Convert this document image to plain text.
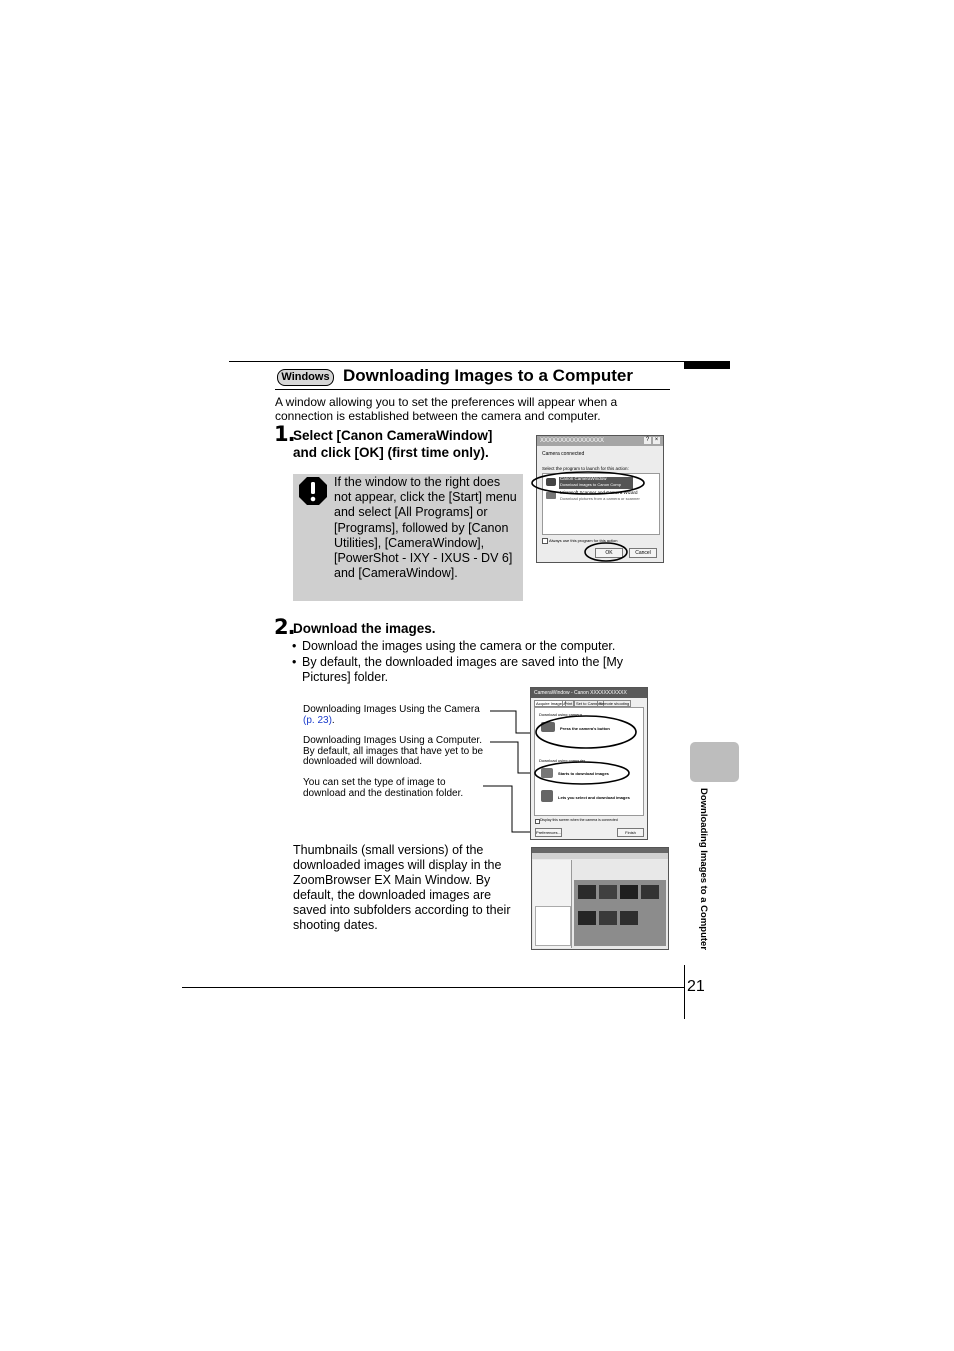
Windows Downloading Images to a Computer
A window allowing you to set the preferences will appear when a connection is established between the camera and computer.
1.
Select [Canon CameraWindow]
and click [OK] (first time only).
If the window to the right does not appear, click the [Start] menu and select [All Programs] or [Programs], followed by [Canon Utilities], [CameraWindow], [PowerShot - IXY - IXUS - DV 6] and [CameraWindow].
XXXXXXXXXXXXXXXX	? ×
Camera connected
Select the program to launch for this action:
Canon CameraWindow
Download images to Canon Comp
Microsoft Scanner and Camera Wizard
Download pictures from a camera or scanner
Always use this program for this action
OK	Cancel
2.
Download the images.
• Download the images using the camera or the computer.
• By default, the downloaded images are saved into the [My
Pictures] folder.
Downloading Images Using the Camera
(p. 23).
Downloading Images Using a Computer.
By default, all images that have yet to be
downloaded will download.
You can set the type of image to
download and the destination folder.
CameraWindow - Canon XXXXXXXXXXX
Acquire Images Print Set to Camera
Remote shooting
Download using camera
Press the camera's button
Download using computer
Starts to download images
Lets you select and download images
Display this screen when the camera is connected
Preferences...	Finish
Thumbnails (small versions) of the downloaded images will display in the ZoomBrowser EX Main Window. By default, the downloaded images are saved into subfolders according to their shooting dates.	Downloading Images to a Computer
21
